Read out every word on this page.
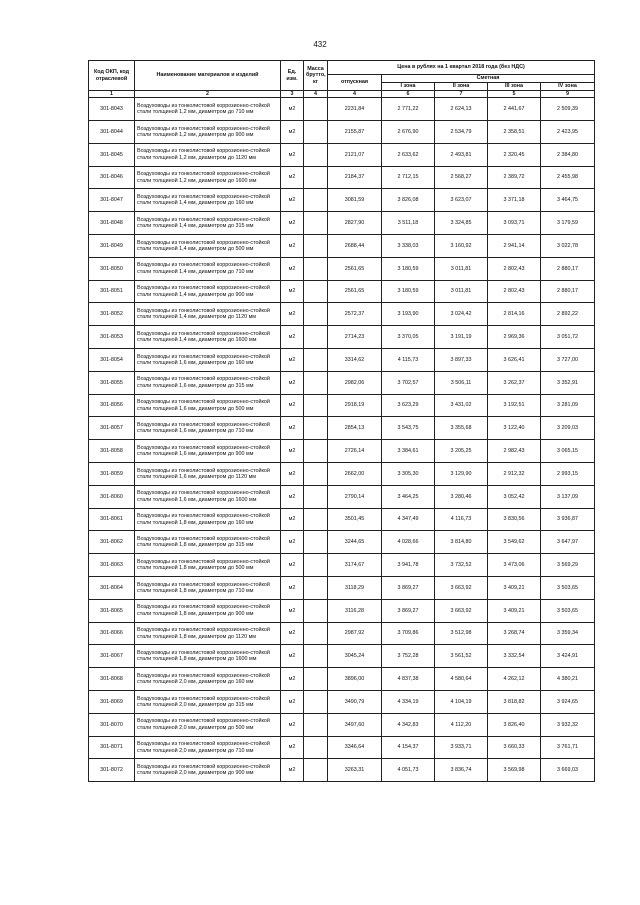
432
Код ОКП, код отраслевой	Наименование материалов и изделий	Ед. изм.	Масса брутто, кг	Цена в рублях на 1 квартал 2018 года (без НДС)				
				отпускная	Сметная			
					I зона	II зона	III зона	IV зона
1	2	3	4	4	6	7	5	9
301-8043	Воздуховоды из тонколистовой коррозионно-стойкой стали толщиной 1,2 мм, диаметром до 710 мм	м2		2231,84	2 771,22	2 624,13	2 441,67	2 509,39
301-8044	Воздуховоды из тонколистовой коррозионно-стойкой стали толщиной 1,2 мм, диаметром до 900 мм	м2		2155,87	2 676,90	2 534,79	2 358,51	2 423,95
301-8045	Воздуховоды из тонколистовой коррозионно-стойкой стали толщиной 1,2 мм, диаметром до 1120 мм	м2		2121,07	2 633,62	2 493,81	2 320,45	2 384,80
301-8046	Воздуховоды из тонколистовой коррозионно-стойкой стали толщиной 1,2 мм, диаметром до 1600 мм	м2		2184,37	2 712,15	2 568,27	2 389,72	2 455,98
301-8047	Воздуховоды из тонколистовой коррозионно-стойкой стали толщиной 1,4 мм, диаметром до 160 мм	м2		3081,59	3 826,08	3 623,07	3 371,18	3 464,75
301-8048	Воздуховоды из тонколистовой коррозионно-стойкой стали толщиной 1,4 мм, диаметром до 315 мм	м2		2827,90	3 511,18	3 324,85	3 093,71	3 179,59
301-8049	Воздуховоды из тонколистовой коррозионно-стойкой стали толщиной 1,4 мм, диаметром до 500 мм	м2		2688,44	3 338,03	3 160,92	2 941,14	3 022,78
301-8050	Воздуховоды из тонколистовой коррозионно-стойкой стали толщиной 1,4 мм, диаметром до 710 мм	м2		2561,65	3 180,59	3 011,81	2 802,43	2 880,17
301-8051	Воздуховоды из тонколистовой коррозионно-стойкой стали толщиной 1,4 мм, диаметром до 900 мм	м2		2561,65	3 180,59	3 011,81	2 802,43	2 880,17
301-8052	Воздуховоды из тонколистовой коррозионно-стойкой стали толщиной 1,4 мм, диаметром до 1120 мм	м2		2572,37	3 193,90	3 024,42	2 814,16	2 892,22
301-8053	Воздуховоды из тонколистовой коррозионно-стойкой стали толщиной 1,4 мм, диаметром до 1600 мм	м2		2714,23	3 370,05	3 191,19	2 969,36	3 051,72
301-8054	Воздуховоды из тонколистовой коррозионно-стойкой стали толщиной 1,6 мм, диаметром до 160 мм	м2		3314,62	4 115,73	3 897,33	3 626,41	3 727,00
301-8055	Воздуховоды из тонколистовой коррозионно-стойкой стали толщиной 1,6 мм, диаметром до 315 мм	м2		2982,06	3 702,57	3 506,11	3 262,37	3 352,91
301-8056	Воздуховоды из тонколистовой коррозионно-стойкой стали толщиной 1,6 мм, диаметром до 500 мм	м2		2918,19	3 623,29	3 431,02	3 192,51	3 281,09
301-8057	Воздуховоды из тонколистовой коррозионно-стойкой стали толщиной 1,6 мм, диаметром до 710 мм	м2		2854,13	3 543,75	3 355,68	3 122,40	3 209,03
301-8058	Воздуховоды из тонколистовой коррозионно-стойкой стали толщиной 1,6 мм, диаметром до 900 мм	м2		2726,14	3 384,61	3 205,25	2 982,43	3 065,15
301-8059	Воздуховоды из тонколистовой коррозионно-стойкой стали толщиной 1,6 мм, диаметром до 1120 мм	м2		2662,00	3 305,30	3 129,90	2 912,32	2 993,15
301-8060	Воздуховоды из тонколистовой коррозионно-стойкой стали толщиной 1,6 мм, диаметром до 1600 мм	м2		2790,14	3 464,25	3 280,46	3 052,42	3 137,09
301-8061	Воздуховоды из тонколистовой коррозионно-стойкой стали толщиной 1,8 мм, диаметром до 160 мм	м2		3501,45	4 347,49	4 116,73	3 830,56	3 936,87
301-8062	Воздуховоды из тонколистовой коррозионно-стойкой стали толщиной 1,8 мм, диаметром до 315 мм	м2		3244,65	4 028,66	3 814,80	3 549,62	3 647,97
301-8063	Воздуховоды из тонколистовой коррозионно-стойкой стали толщиной 1,8 мм, диаметром до 500 мм	м2		3174,67	3 941,78	3 732,52	3 473,06	3 569,29
301-8064	Воздуховоды из тонколистовой коррозионно-стойкой стали толщиной 1,8 мм, диаметром до 710 мм	м2		3118,29	3 869,27	3 663,92	3 409,21	3 503,65
301-8065	Воздуховоды из тонколистовой коррозионно-стойкой стали толщиной 1,8 мм, диаметром до 900 мм	м2		3116,28	3 869,27	3 663,92	3 409,21	3 503,65
301-8066	Воздуховоды из тонколистовой коррозионно-стойкой стали толщиной 1,8 мм, диаметром до 1120 мм	м2		2987,92	3 709,86	3 512,98	3 268,74	3 359,34
301-8067	Воздуховоды из тонколистовой коррозионно-стойкой стали толщиной 1,8 мм, диаметром до 1600 мм	м2		3045,24	3 752,28	3 561,52	3 332,54	3 424,91
301-8068	Воздуховоды из тонколистовой коррозионно-стойкой стали толщиной 2,0 мм, диаметром до 160 мм	м2		3896,00	4 837,38	4 580,64	4 262,12	4 380,21
301-8069	Воздуховоды из тонколистовой коррозионно-стойкой стали толщиной 2,0 мм, диаметром до 315 мм	м2		3490,79	4 334,19	4 104,19	3 818,82	3 924,65
301-8070	Воздуховоды из тонколистовой коррозионно-стойкой стали толщиной 2,0 мм, диаметром до 500 мм	м2		3497,60	4 342,83	4 112,20	3 826,40	3 932,32
301-8071	Воздуховоды из тонколистовой коррозионно-стойкой стали толщиной 2,0 мм, диаметром до 710 мм	м2		3346,64	4 154,37	3 933,71	3 660,33	3 761,71
301-8072	Воздуховоды из тонколистовой коррозионно-стойкой стали толщиной 2,0 мм, диаметром до 900 мм	м2		3263,31	4 051,73	3 836,74	3 569,98	3 669,03
